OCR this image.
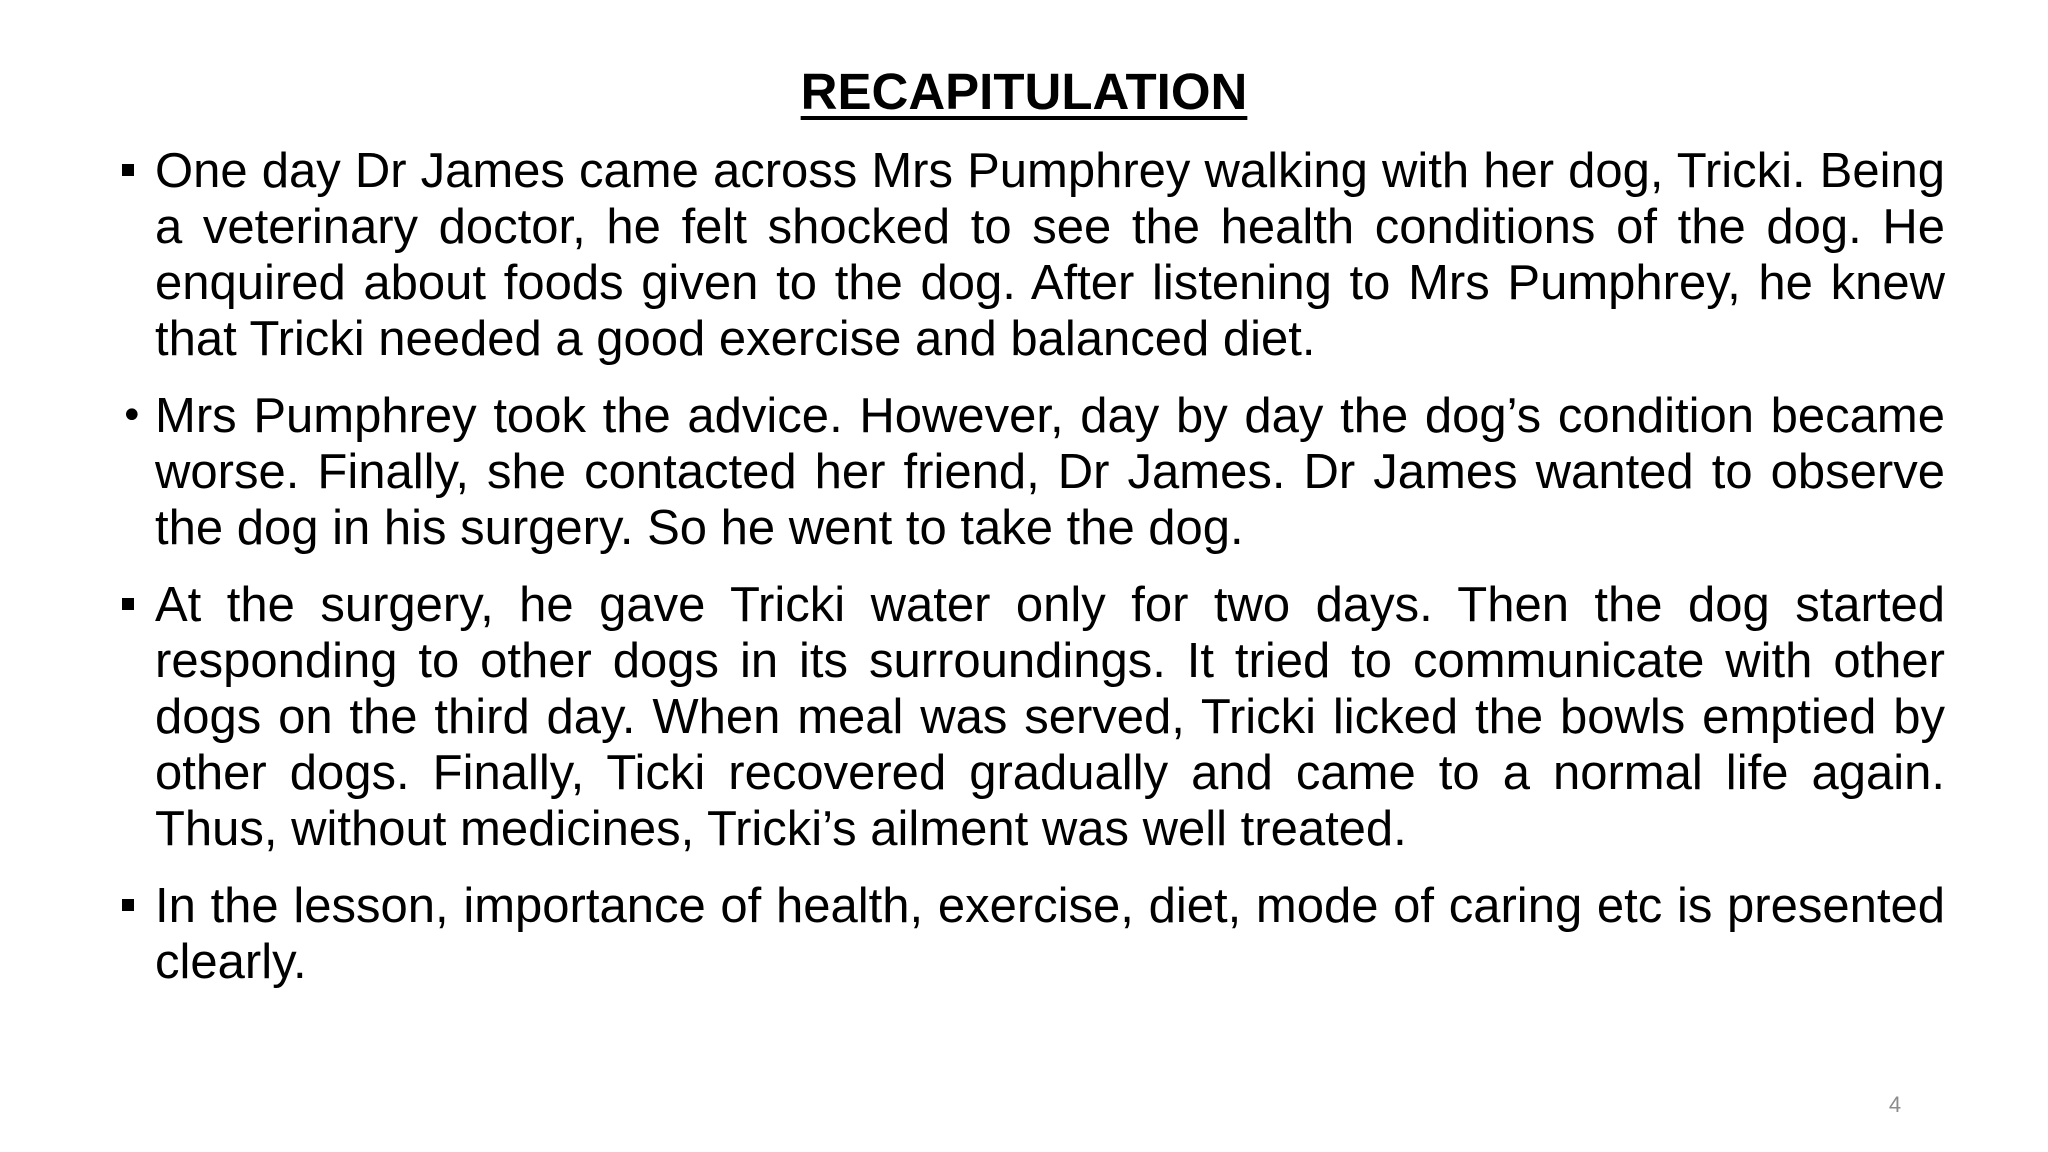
RECAPITULATION

One day Dr James came across Mrs Pumphrey walking with her dog, Tricki. Being a veterinary doctor, he felt shocked to see the health conditions of the dog. He enquired about foods given to the dog. After listening to Mrs Pumphrey, he knew that Tricki needed a good exercise and balanced diet.

• Mrs Pumphrey took the advice. However, day by day the dog’s condition became worse. Finally, she contacted her friend, Dr James. Dr James wanted to observe the dog in his surgery. So he went to take the dog.

At the surgery, he gave Tricki water only for two days. Then the dog started responding to other dogs in its surroundings. It tried to communicate with other dogs on the third day. When meal was served, Tricki licked the bowls emptied by other dogs. Finally, Ticki recovered gradually and came to a normal life again. Thus, without medicines, Tricki’s ailment was well treated.

In the lesson, importance of health, exercise, diet, mode of caring etc is presented clearly.

4
